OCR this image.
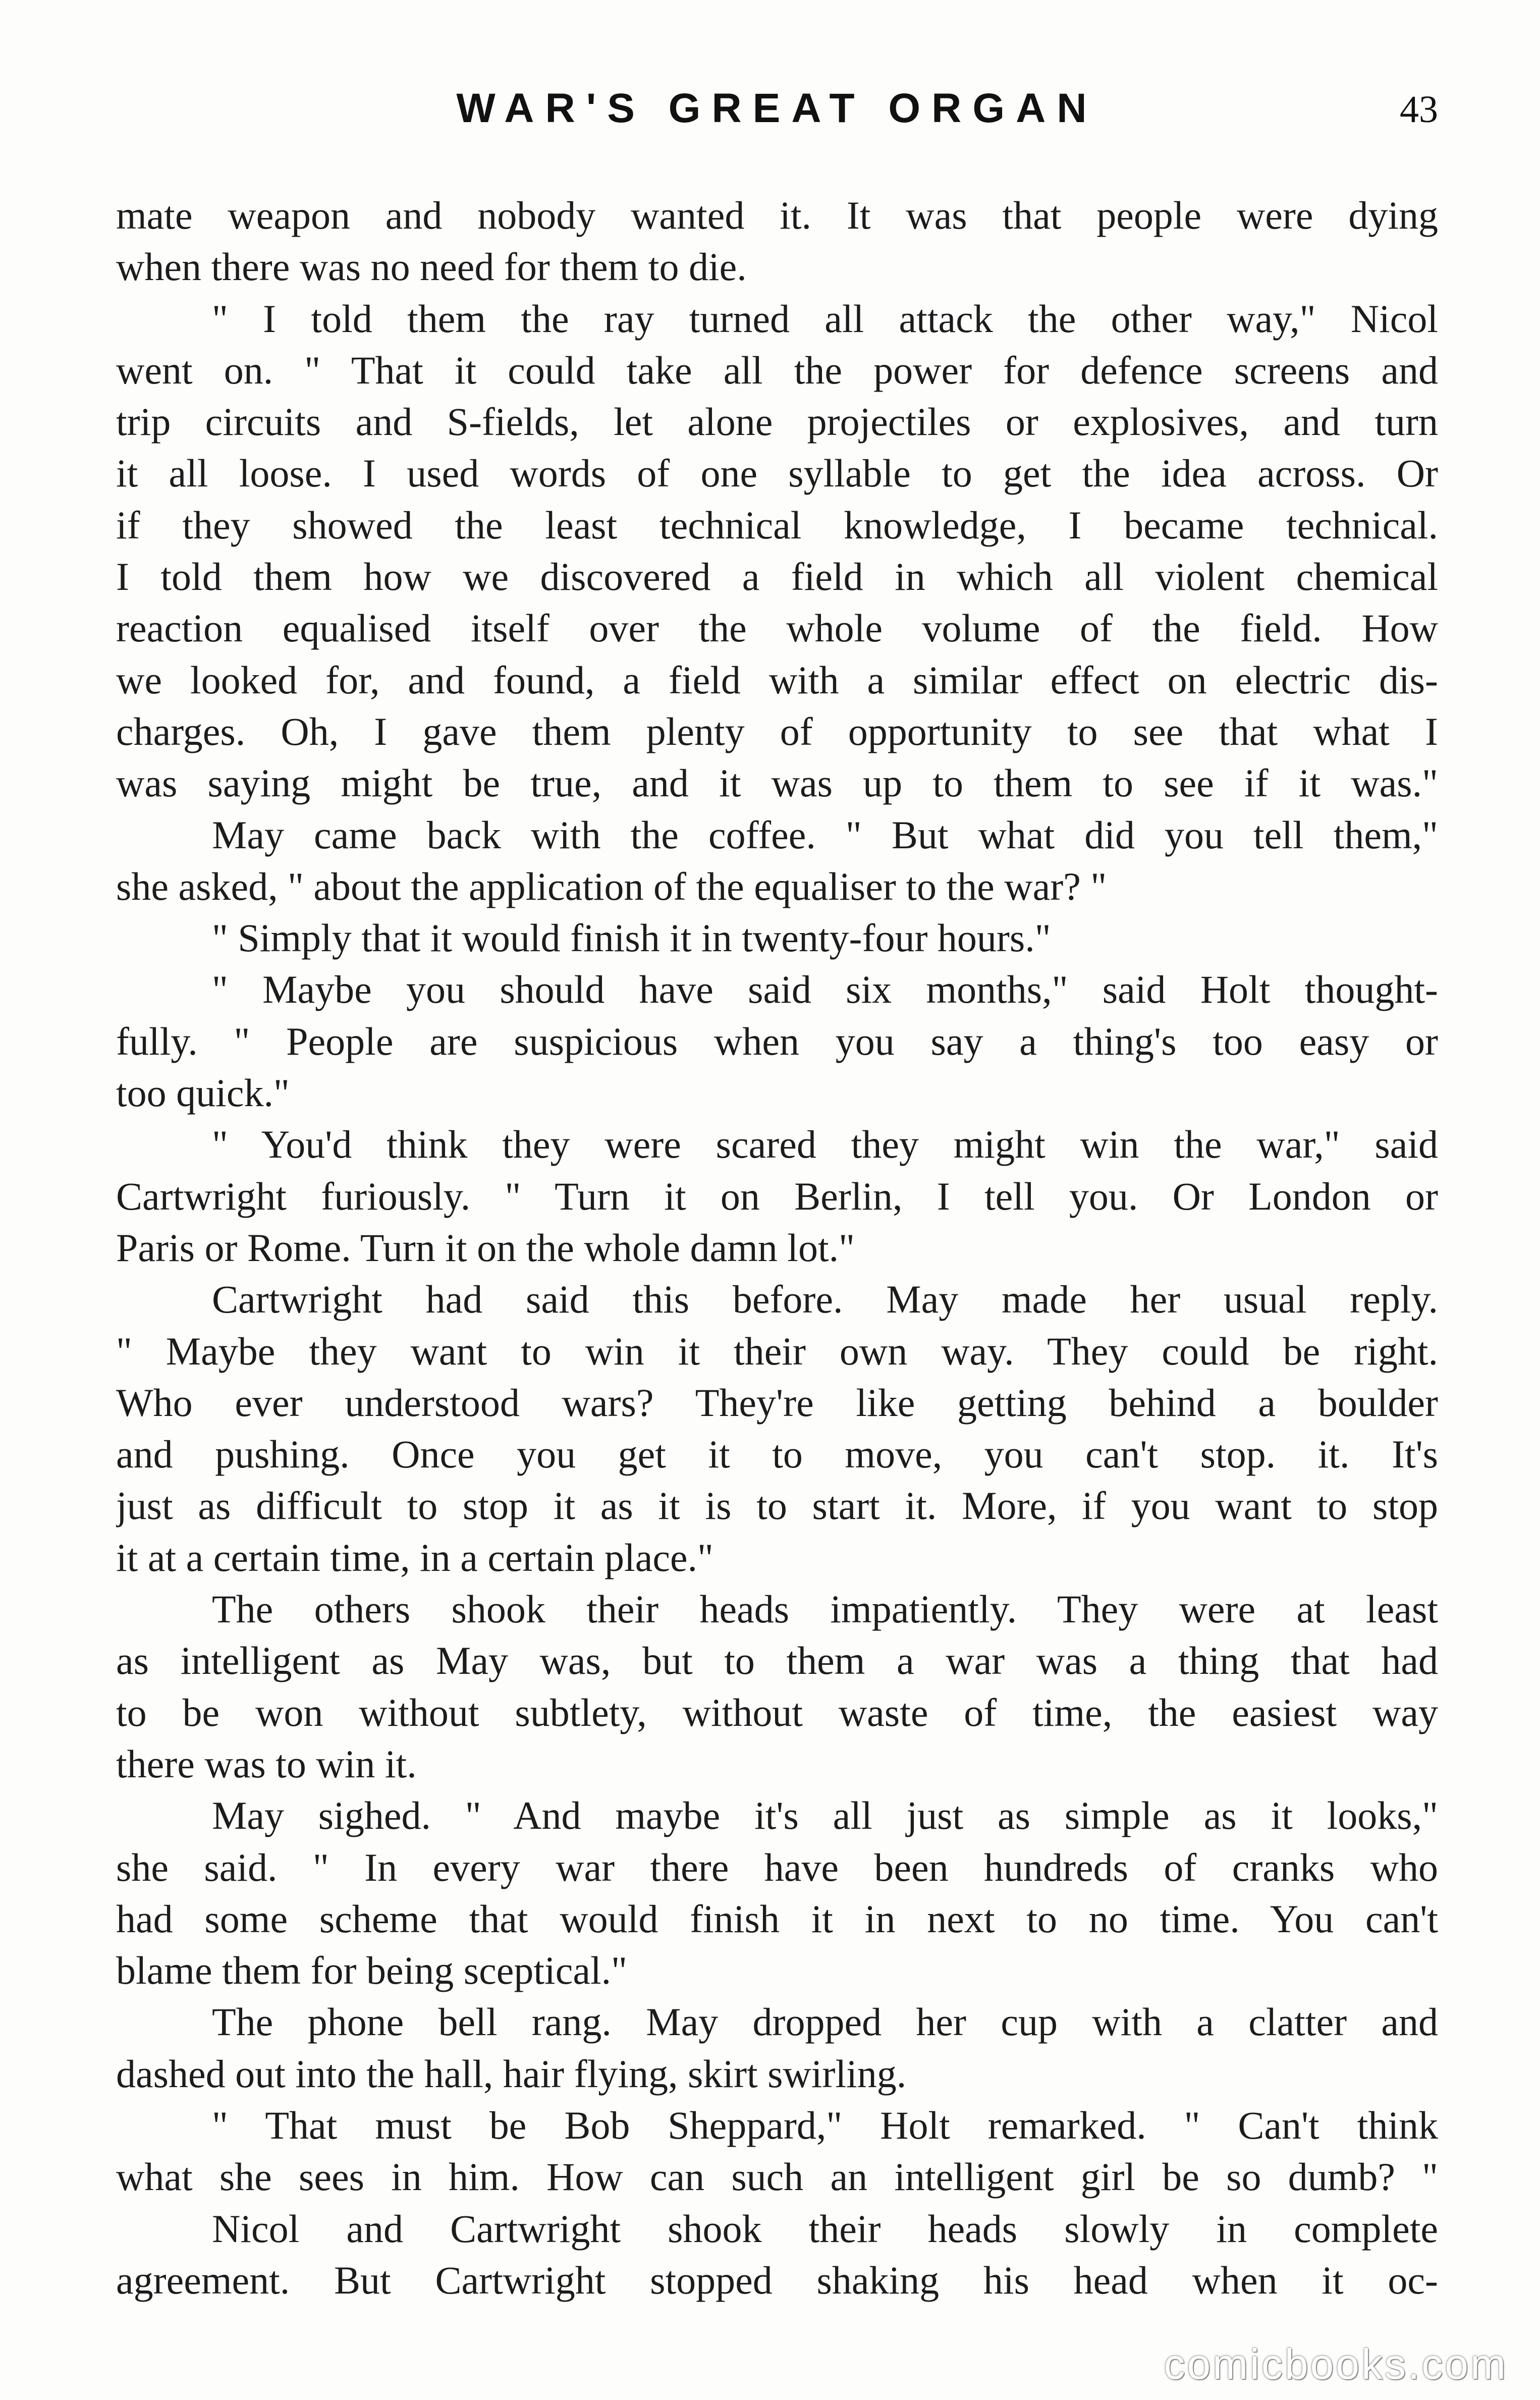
WAR'S GREAT ORGAN	43
mate weapon and nobody wanted it. It was that people were dying
when there was no need for them to die.
" I told them the ray turned all attack the other way," Nicol
went on. " That it could take all the power for defence screens and
trip circuits and S-fields, let alone projectiles or explosives, and turn
it all loose. I used words of one syllable to get the idea across. Or
if they showed the least technical knowledge, I became technical.
I told them how we discovered a field in which all violent chemical
reaction equalised itself over the whole volume of the field. How
we looked for, and found, a field with a similar effect on electric dis-
charges. Oh, I gave them plenty of opportunity to see that what I
was saying might be true, and it was up to them to see if it was."
May came back with the coffee. " But what did you tell them,"
she asked, " about the application of the equaliser to the war? "
" Simply that it would finish it in twenty-four hours."
" Maybe you should have said six months," said Holt thought-
fully. " People are suspicious when you say a thing's too easy or
too quick."
" You'd think they were scared they might win the war," said
Cartwright furiously. " Turn it on Berlin, I tell you. Or London or
Paris or Rome. Turn it on the whole damn lot."
Cartwright had said this before. May made her usual reply.
" Maybe they want to win it their own way. They could be right.
Who ever understood wars? They're like getting behind a boulder
and pushing. Once you get it to move, you can't stop. it. It's
just as difficult to stop it as it is to start it. More, if you want to stop
it at a certain time, in a certain place."
The others shook their heads impatiently. They were at least
as intelligent as May was, but to them a war was a thing that had
to be won without subtlety, without waste of time, the easiest way
there was to win it.
May sighed. " And maybe it's all just as simple as it looks,"
she said. " In every war there have been hundreds of cranks who
had some scheme that would finish it in next to no time. You can't
blame them for being sceptical."
The phone bell rang. May dropped her cup with a clatter and
dashed out into the hall, hair flying, skirt swirling.
" That must be Bob Sheppard," Holt remarked. " Can't think
what she sees in him. How can such an intelligent girl be so dumb? "
Nicol and Cartwright shook their heads slowly in complete
agreement. But Cartwright stopped shaking his head when it oc-
comicbooks.com
